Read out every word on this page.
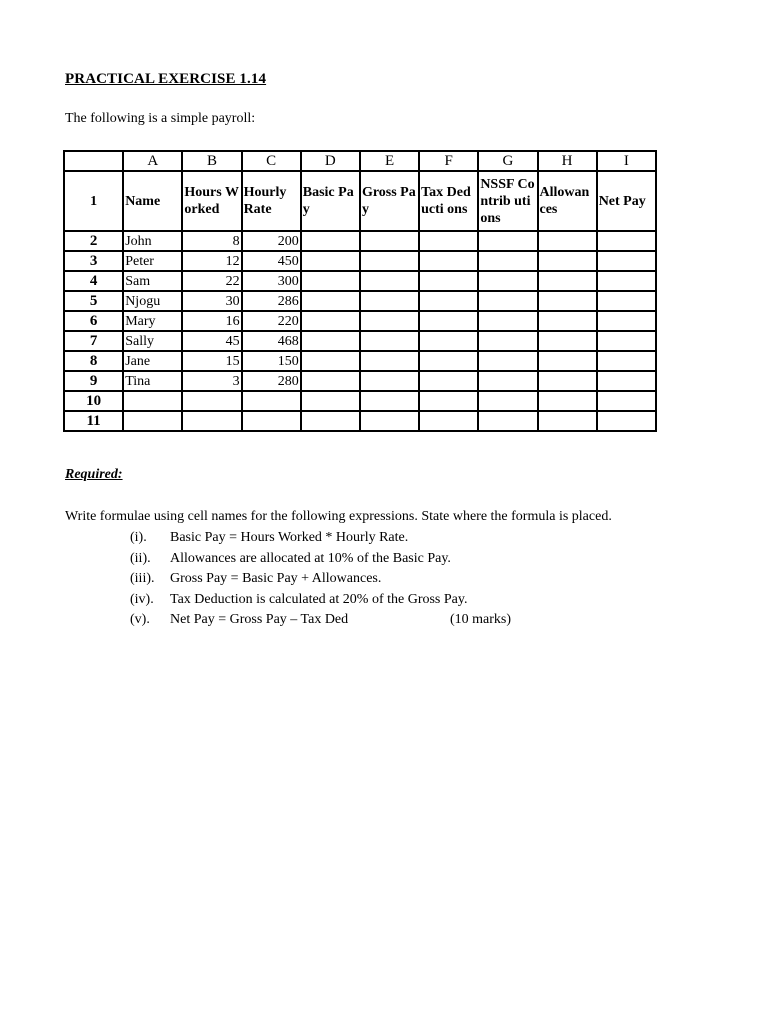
PRACTICAL EXERCISE 1.14
The following is a simple payroll:
	A	B	C	D	E	F	G	H	I
1	Name	Hours Worked	Hourly Rate	Basic Pay	Gross Pay	Tax Deducti ons	NSSF Contrib utions	Allowan ces	Net Pay
2	John	8	200						
3	Peter	12	450						
4	Sam	22	300						
5	Njogu	30	286						
6	Mary	16	220						
7	Sally	45	468						
8	Jane	15	150						
9	Tina	3	280						
10									
11									
Required:
Write formulae using cell names for the following expressions. State where the formula is placed.
(i). Basic Pay = Hours Worked * Hourly Rate.
(ii). Allowances are allocated at 10% of the Basic Pay.
(iii). Gross Pay = Basic Pay + Allowances.
(iv). Tax Deduction is calculated at 20% of the Gross Pay.
(v). Net Pay = Gross Pay – Tax Ded	(10 marks)
